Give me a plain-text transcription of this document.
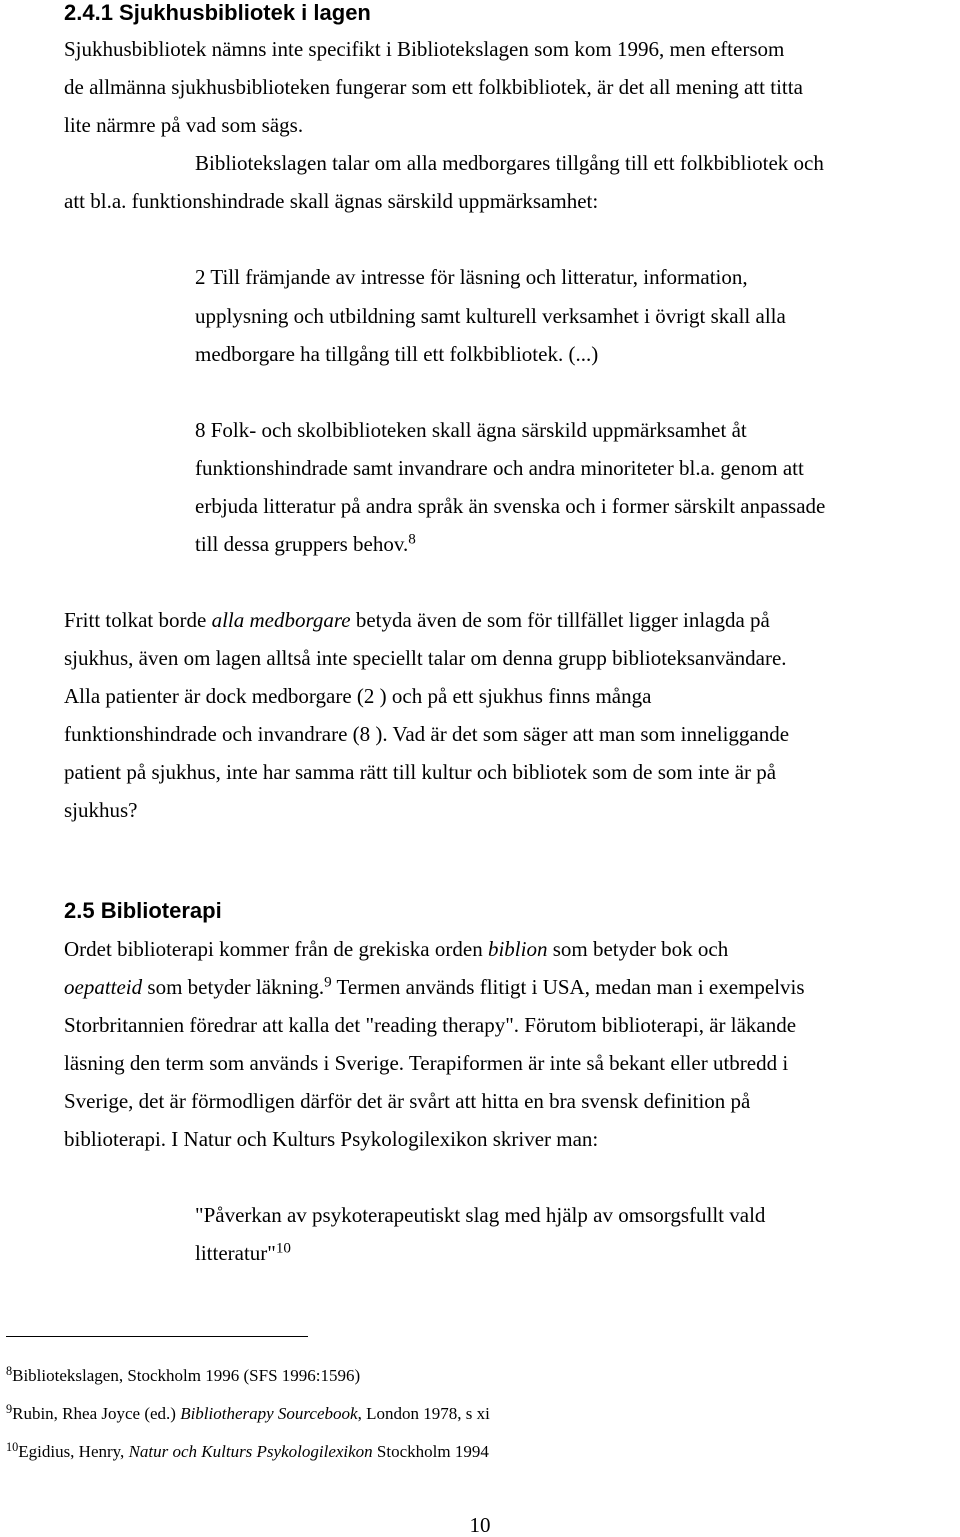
2.4.1 Sjukhusbibliotek i lagen
Sjukhusbibliotek nämns inte specifikt i Bibliotekslagen som kom 1996, men eftersom
de allmänna sjukhusbiblioteken fungerar som ett folkbibliotek, är det all mening att titta
lite närmre på vad som sägs.
Bibliotekslagen talar om alla medborgares tillgång till ett folkbibliotek och
att bl.a. funktionshindrade skall ägnas särskild uppmärksamhet:
2 Till främjande av intresse för läsning och litteratur, information,
upplysning och utbildning samt kulturell verksamhet i övrigt skall alla
medborgare ha tillgång till ett folkbibliotek. (...)
8 Folk- och skolbiblioteken skall ägna särskild uppmärksamhet åt
funktionshindrade samt invandrare och andra minoriteter bl.a. genom att
erbjuda litteratur på andra språk än svenska och i former särskilt anpassade
till dessa gruppers behov.$^8$
Fritt tolkat borde alla medborgare betyda även de som för tillfället ligger inlagda på
sjukhus, även om lagen alltså inte speciellt talar om denna grupp biblioteksanvändare.
Alla patienter är dock medborgare (2 ) och på ett sjukhus finns många
funktionshindrade och invandrare (8 ). Vad är det som säger att man som inneliggande
patient på sjukhus, inte har samma rätt till kultur och bibliotek som de som inte är på
sjukhus?
2.5 Biblioterapi
Ordet biblioterapi kommer från de grekiska orden biblion som betyder bok och
oepatteid som betyder läkning.$^9$ Termen används flitigt i USA, medan man i exempelvis
Storbritannien föredrar att kalla det "reading therapy". Förutom biblioterapi, är läkande
läsning den term som används i Sverige. Terapiformen är inte så bekant eller utbredd i
Sverige, det är förmodligen därför det är svårt att hitta en bra svensk definition på
biblioterapi. I Natur och Kulturs Psykologilexikon skriver man:
"Påverkan av psykoterapeutiskt slag med hjälp av omsorgsfullt vald
litteratur"$^{10}$
$^8$Bibliotekslagen, Stockholm 1996 (SFS 1996:1596)
$^9$Rubin, Rhea Joyce (ed.) Bibliotherapy Sourcebook, London 1978, s xi
$^{10}$Egidius, Henry, Natur och Kulturs Psykologilexikon Stockholm 1994
10
